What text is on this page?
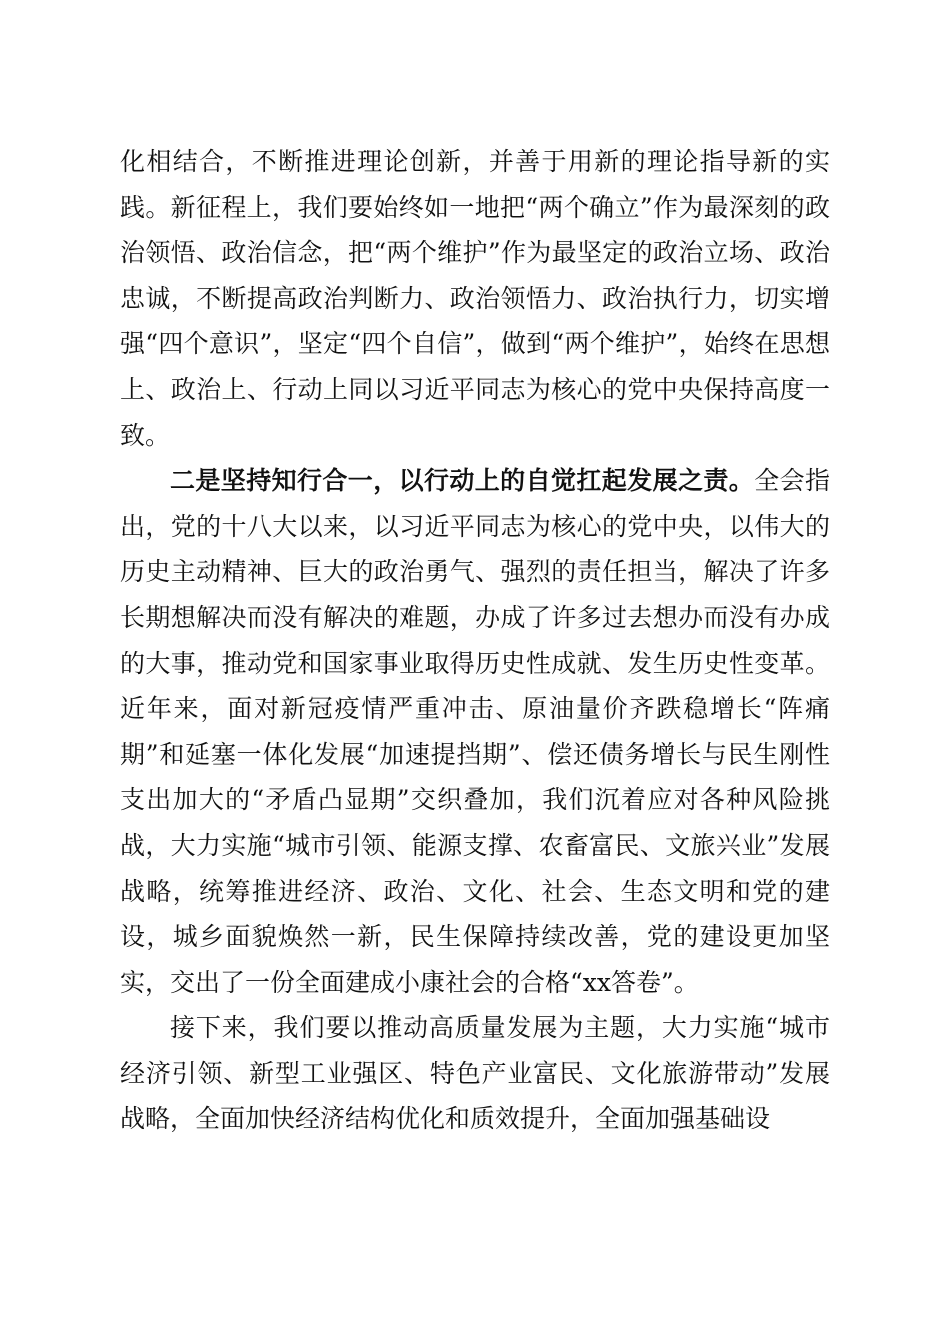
化相结合，不断推进理论创新，并善于用新的理论指导新的实践。新征程上，我们要始终如一地把“两个确立”作为最深刻的政治领悟、政治信念，把“两个维护”作为最坚定的政治立场、政治忠诚，不断提高政治判断力、政治领悟力、政治执行力，切实增强“四个意识”，坚定“四个自信”，做到“两个维护”，始终在思想上、政治上、行动上同以习近平同志为核心的党中央保持高度一致。

二是坚持知行合一，以行动上的自觉扛起发展之责。全会指出，党的十八大以来，以习近平同志为核心的党中央，以伟大的历史主动精神、巨大的政治勇气、强烈的责任担当，解决了许多长期想解决而没有解决的难题，办成了许多过去想办而没有办成的大事，推动党和国家事业取得历史性成就、发生历史性变革。近年来，面对新冠疫情严重冲击、原油量价齐跌稳增长“阵痛期”和延塞一体化发展“加速提挡期”、偿还债务增长与民生刚性支出加大的“矛盾凸显期”交织叠加，我们沉着应对各种风险挑战，大力实施“城市引领、能源支撑、农畜富民、文旅兴业”发展战略，统筹推进经济、政治、文化、社会、生态文明和党的建设，城乡面貌焕然一新，民生保障持续改善，党的建设更加坚实，交出了一份全面建成小康社会的合格“xx答卷”。

接下来，我们要以推动高质量发展为主题，大力实施“城市经济引领、新型工业强区、特色产业富民、文化旅游带动”发展战略，全面加快经济结构优化和质效提升，全面加强基础设
